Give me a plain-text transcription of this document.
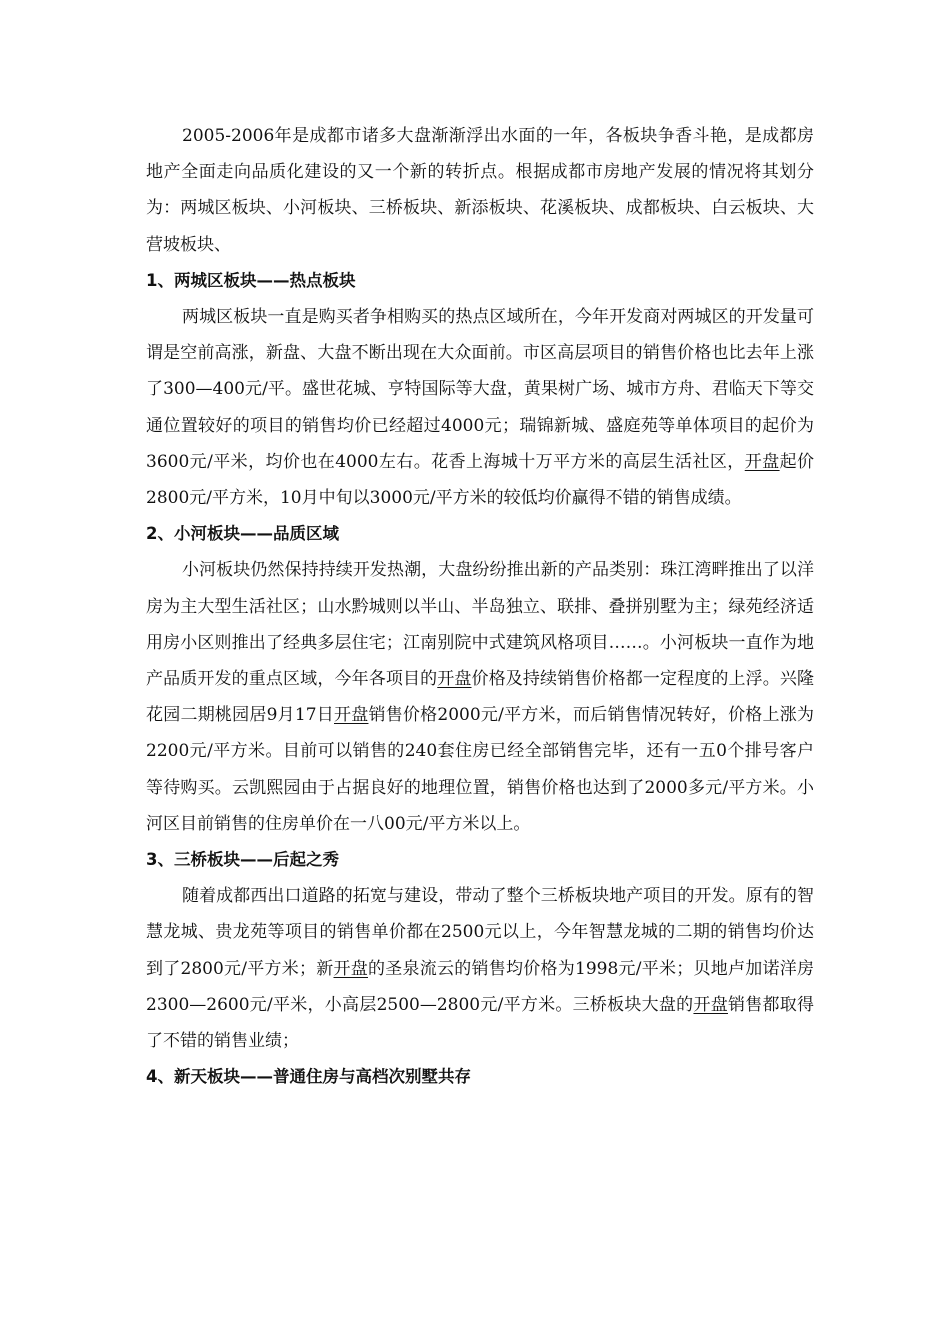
2005-2006年是成都市诸多大盘渐渐浮出水面的一年，各板块争香斗艳，是成都房地产全面走向品质化建设的又一个新的转折点。根据成都市房地产发展的情况将其划分为：两城区板块、小河板块、三桥板块、新添板块、花溪板块、成都板块、白云板块、大营坡板块、

1、两城区板块——热点板块

两城区板块一直是购买者争相购买的热点区域所在，今年开发商对两城区的开发量可谓是空前高涨，新盘、大盘不断出现在大众面前。市区高层项目的销售价格也比去年上涨了300—400元/平。盛世花城、亨特国际等大盘，黄果树广场、城市方舟、君临天下等交通位置较好的项目的销售均价已经超过4000元；瑞锦新城、盛庭苑等单体项目的起价为3600元/平米，均价也在4000左右。花香上海城十万平方米的高层生活社区，开盘起价2800元/平方米，10月中旬以3000元/平方米的较低均价赢得不错的销售成绩。

2、小河板块——品质区域

小河板块仍然保持持续开发热潮，大盘纷纷推出新的产品类别：珠江湾畔推出了以洋房为主大型生活社区；山水黔城则以半山、半岛独立、联排、叠拼别墅为主；绿苑经济适用房小区则推出了经典多层住宅；江南别院中式建筑风格项目……。小河板块一直作为地产品质开发的重点区域，今年各项目的开盘价格及持续销售价格都一定程度的上浮。兴隆花园二期桃园居9月17日开盘销售价格2000元/平方米，而后销售情况转好，价格上涨为2200元/平方米。目前可以销售的240套住房已经全部销售完毕，还有一五0个排号客户等待购买。云凯熙园由于占据良好的地理位置，销售价格也达到了2000多元/平方米。小河区目前销售的住房单价在一八00元/平方米以上。

3、三桥板块——后起之秀

随着成都西出口道路的拓宽与建设，带动了整个三桥板块地产项目的开发。原有的智慧龙城、贵龙苑等项目的销售单价都在2500元以上，今年智慧龙城的二期的销售均价达到了2800元/平方米；新开盘的圣泉流云的销售均价格为1998元/平米；贝地卢加诺洋房2300—2600元/平米，小高层2500—2800元/平方米。三桥板块大盘的开盘销售都取得了不错的销售业绩；

4、新天板块——普通住房与高档次别墅共存
